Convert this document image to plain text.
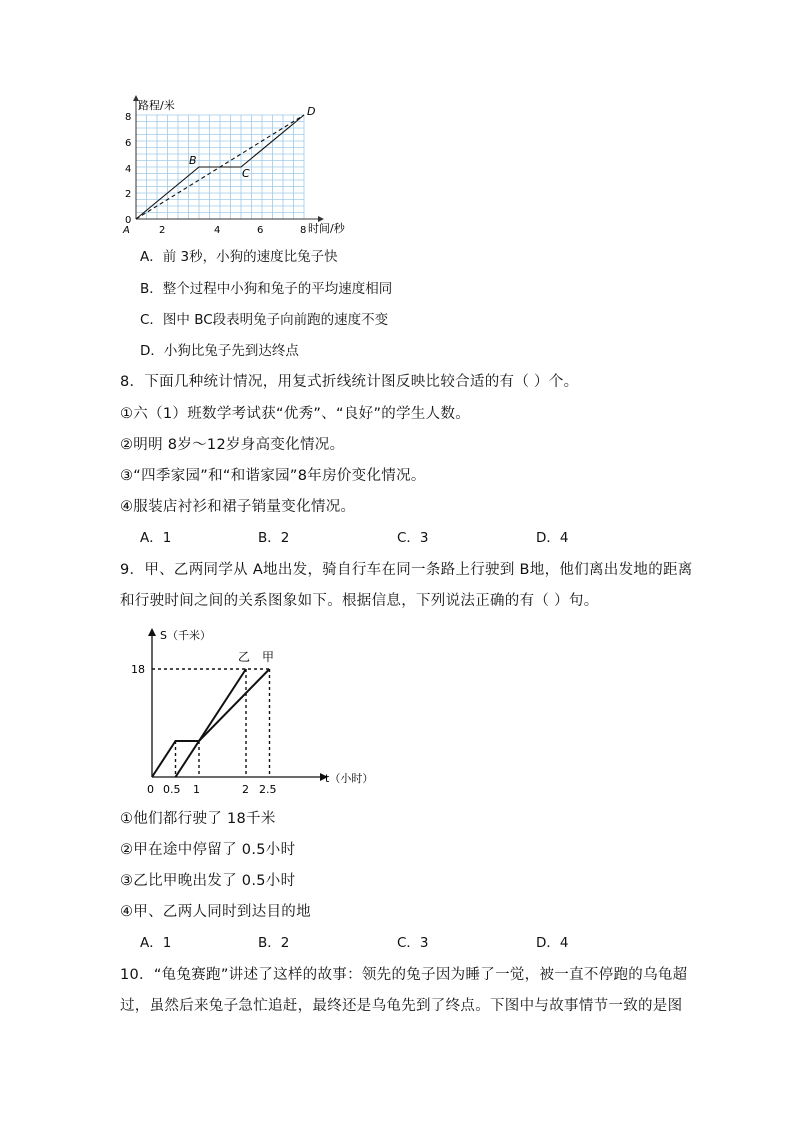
路程/米
时间/秒
8
6
4
2
0
A	2	4	6	8
B
C
D
A．前 3秒，小狗的速度比兔子快
B．整个过程中小狗和兔子的平均速度相同
C．图中 BC段表明兔子向前跑的速度不变
D．小狗比兔子先到达终点
8．下面几种统计情况，用复式折线统计图反映比较合适的有（ ）个。
①六（1）班数学考试获“优秀”、“良好”的学生人数。
②明明 8岁～12岁身高变化情况。
③“四季家园”和“和谐家园”8年房价变化情况。
④服装店衬衫和裙子销量变化情况。
A．1	B．2	C．3	D．4
9．甲、乙两同学从 A地出发，骑自行车在同一条路上行驶到 B地，他们离出发地的距离
和行驶时间之间的关系图象如下。根据信息，下列说法正确的有（ ）句。
S（千米）
t（小时）
18
0 0.5 1	2 2.5
乙 甲
①他们都行驶了 18千米
②甲在途中停留了 0.5小时
③乙比甲晚出发了 0.5小时
④甲、乙两人同时到达目的地
A．1	B．2	C．3	D．4
10．“龟兔赛跑”讲述了这样的故事：领先的兔子因为睡了一觉，被一直不停跑的乌龟超
过，虽然后来兔子急忙追赶，最终还是乌龟先到了终点。下图中与故事情节一致的是图
